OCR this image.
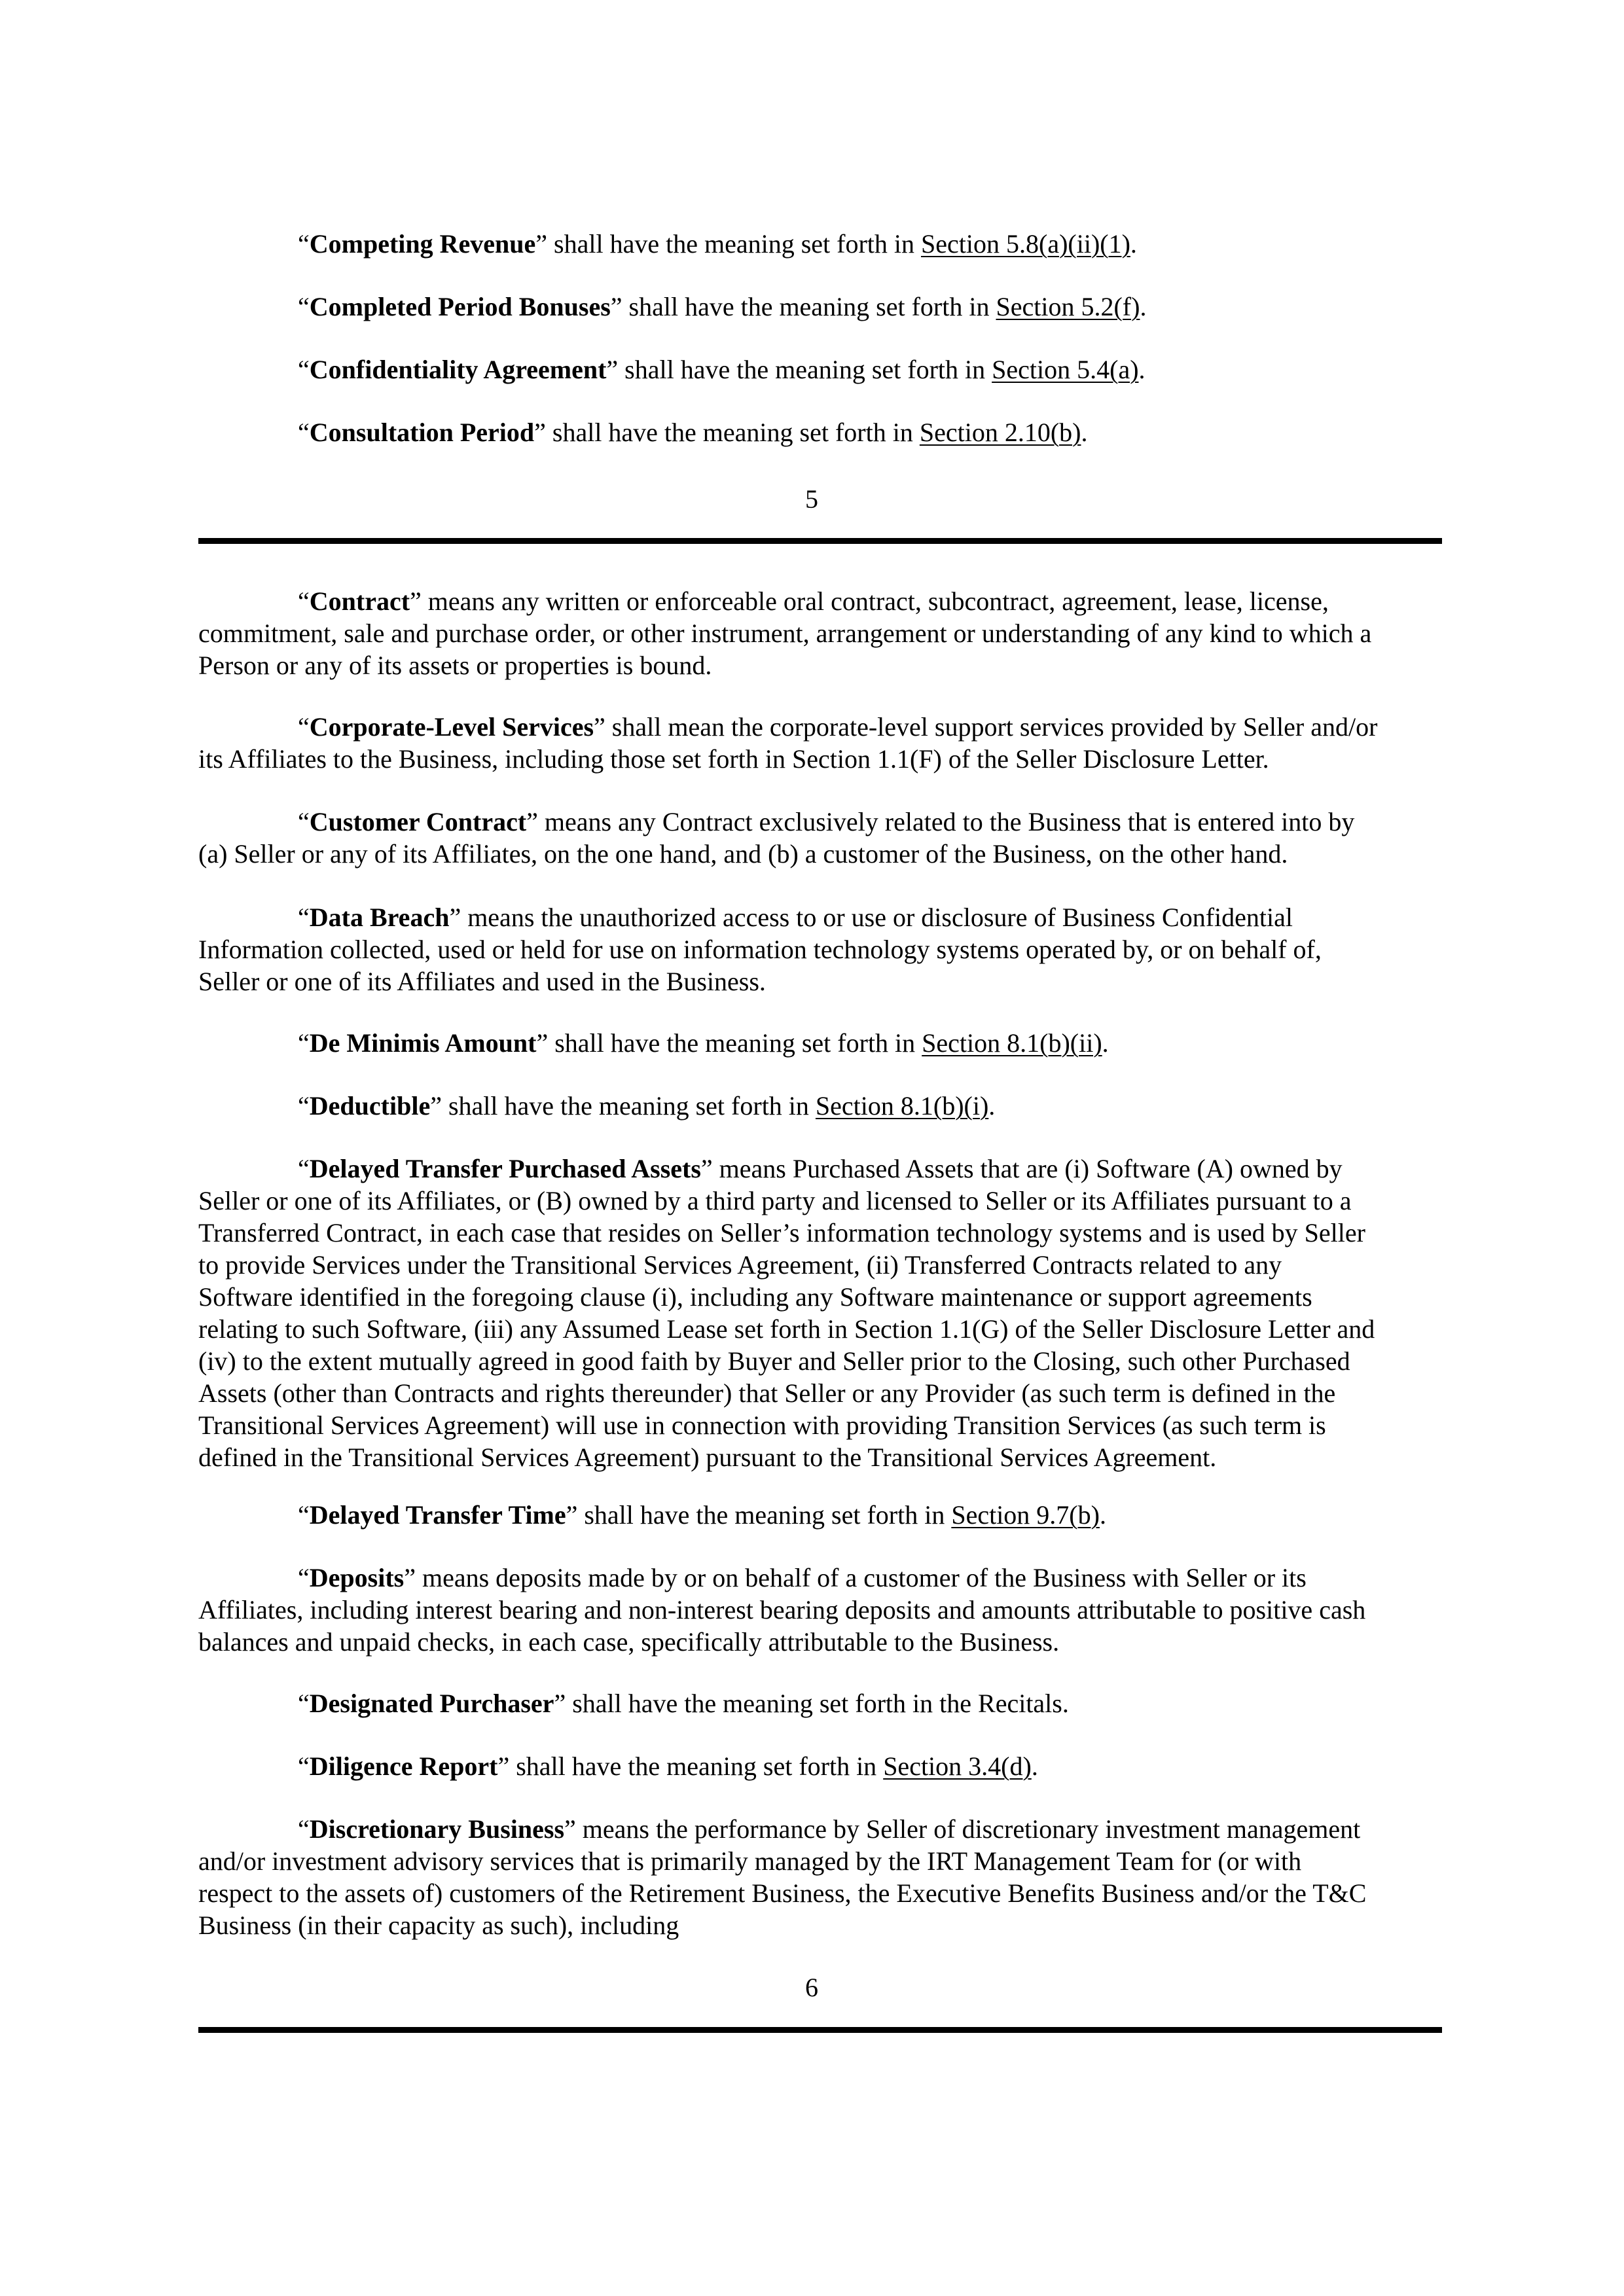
“Competing Revenue” shall have the meaning set forth in Section 5.8(a)(ii)(1).
“Completed Period Bonuses” shall have the meaning set forth in Section 5.2(f).
“Confidentiality Agreement” shall have the meaning set forth in Section 5.4(a).
“Consultation Period” shall have the meaning set forth in Section 2.10(b).
5
“Contract” means any written or enforceable oral contract, subcontract, agreement, lease, license,
commitment, sale and purchase order, or other instrument, arrangement or understanding of any kind to which a
Person or any of its assets or properties is bound.
“Corporate-Level Services” shall mean the corporate-level support services provided by Seller and/or
its Affiliates to the Business, including those set forth in Section 1.1(F) of the Seller Disclosure Letter.
“Customer Contract” means any Contract exclusively related to the Business that is entered into by
(a) Seller or any of its Affiliates, on the one hand, and (b) a customer of the Business, on the other hand.
“Data Breach” means the unauthorized access to or use or disclosure of Business Confidential
Information collected, used or held for use on information technology systems operated by, or on behalf of,
Seller or one of its Affiliates and used in the Business.
“De Minimis Amount” shall have the meaning set forth in Section 8.1(b)(ii).
“Deductible” shall have the meaning set forth in Section 8.1(b)(i).
“Delayed Transfer Purchased Assets” means Purchased Assets that are (i) Software (A) owned by
Seller or one of its Affiliates, or (B) owned by a third party and licensed to Seller or its Affiliates pursuant to a
Transferred Contract, in each case that resides on Seller’s information technology systems and is used by Seller
to provide Services under the Transitional Services Agreement, (ii) Transferred Contracts related to any
Software identified in the foregoing clause (i), including any Software maintenance or support agreements
relating to such Software, (iii) any Assumed Lease set forth in Section 1.1(G) of the Seller Disclosure Letter and
(iv) to the extent mutually agreed in good faith by Buyer and Seller prior to the Closing, such other Purchased
Assets (other than Contracts and rights thereunder) that Seller or any Provider (as such term is defined in the
Transitional Services Agreement) will use in connection with providing Transition Services (as such term is
defined in the Transitional Services Agreement) pursuant to the Transitional Services Agreement.
“Delayed Transfer Time” shall have the meaning set forth in Section 9.7(b).
“Deposits” means deposits made by or on behalf of a customer of the Business with Seller or its
Affiliates, including interest bearing and non-interest bearing deposits and amounts attributable to positive cash
balances and unpaid checks, in each case, specifically attributable to the Business.
“Designated Purchaser” shall have the meaning set forth in the Recitals.
“Diligence Report” shall have the meaning set forth in Section 3.4(d).
“Discretionary Business” means the performance by Seller of discretionary investment management
and/or investment advisory services that is primarily managed by the IRT Management Team for (or with
respect to the assets of) customers of the Retirement Business, the Executive Benefits Business and/or the T&C
Business (in their capacity as such), including
6
